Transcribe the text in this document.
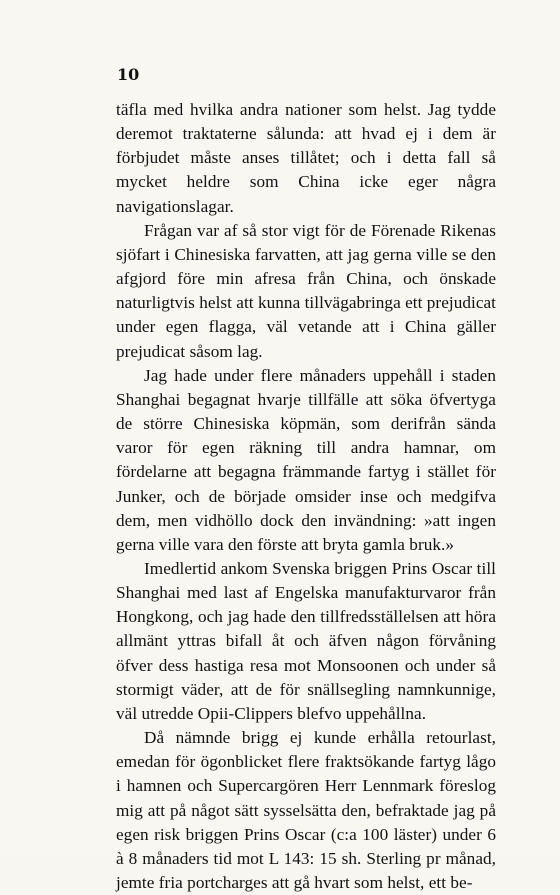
10

täfla med hvilka andra nationer som helst. Jag tydde deremot traktaterne sålunda: att hvad ej i dem är förbjudet måste anses tillåtet; och i detta fall så mycket heldre som China icke eger några navigationslagar.

Frågan var af så stor vigt för de Förenade Rikenas sjöfart i Chinesiska farvatten, att jag gerna ville se den afgjord före min afresa från China, och önskade naturligtvis helst att kunna tillvägabringa ett prejudicat under egen flagga, väl vetande att i China gäller prejudicat såsom lag.

Jag hade under flere månaders uppehåll i staden Shanghai begagnat hvarje tillfälle att söka öfvertyga de större Chinesiska köpmän, som derifrån sända varor för egen räkning till andra hamnar, om fördelarne att begagna främmande fartyg i stället för Junker, och de började omsider inse och medgifva dem, men vidhöllo dock den invändning: »att ingen gerna ville vara den förste att bryta gamla bruk.»

Imedlertid ankom Svenska briggen Prins Oscar till Shanghai med last af Engelska manufakturvaror från Hongkong, och jag hade den tillfredsställelsen att höra allmänt yttras bifall åt och äfven någon förvåning öfver dess hastiga resa mot Monsoonen och under så stormigt väder, att de för snällsegling namnkunnige, väl utredde Opii-Clippers blefvo uppehållna.

Då nämnde brigg ej kunde erhålla retourlast, emedan för ögonblicket flere fraktsökande fartyg lågo i hamnen och Supercargören Herr Lennmark föreslog mig att på något sätt sysselsätta den, befraktade jag på egen risk briggen Prins Oscar (c:a 100 läster) under 6 à 8 månaders tid mot L 143: 15 sh. Sterling pr månad, jemte fria portcharges att gå hvart som helst, ett be-
